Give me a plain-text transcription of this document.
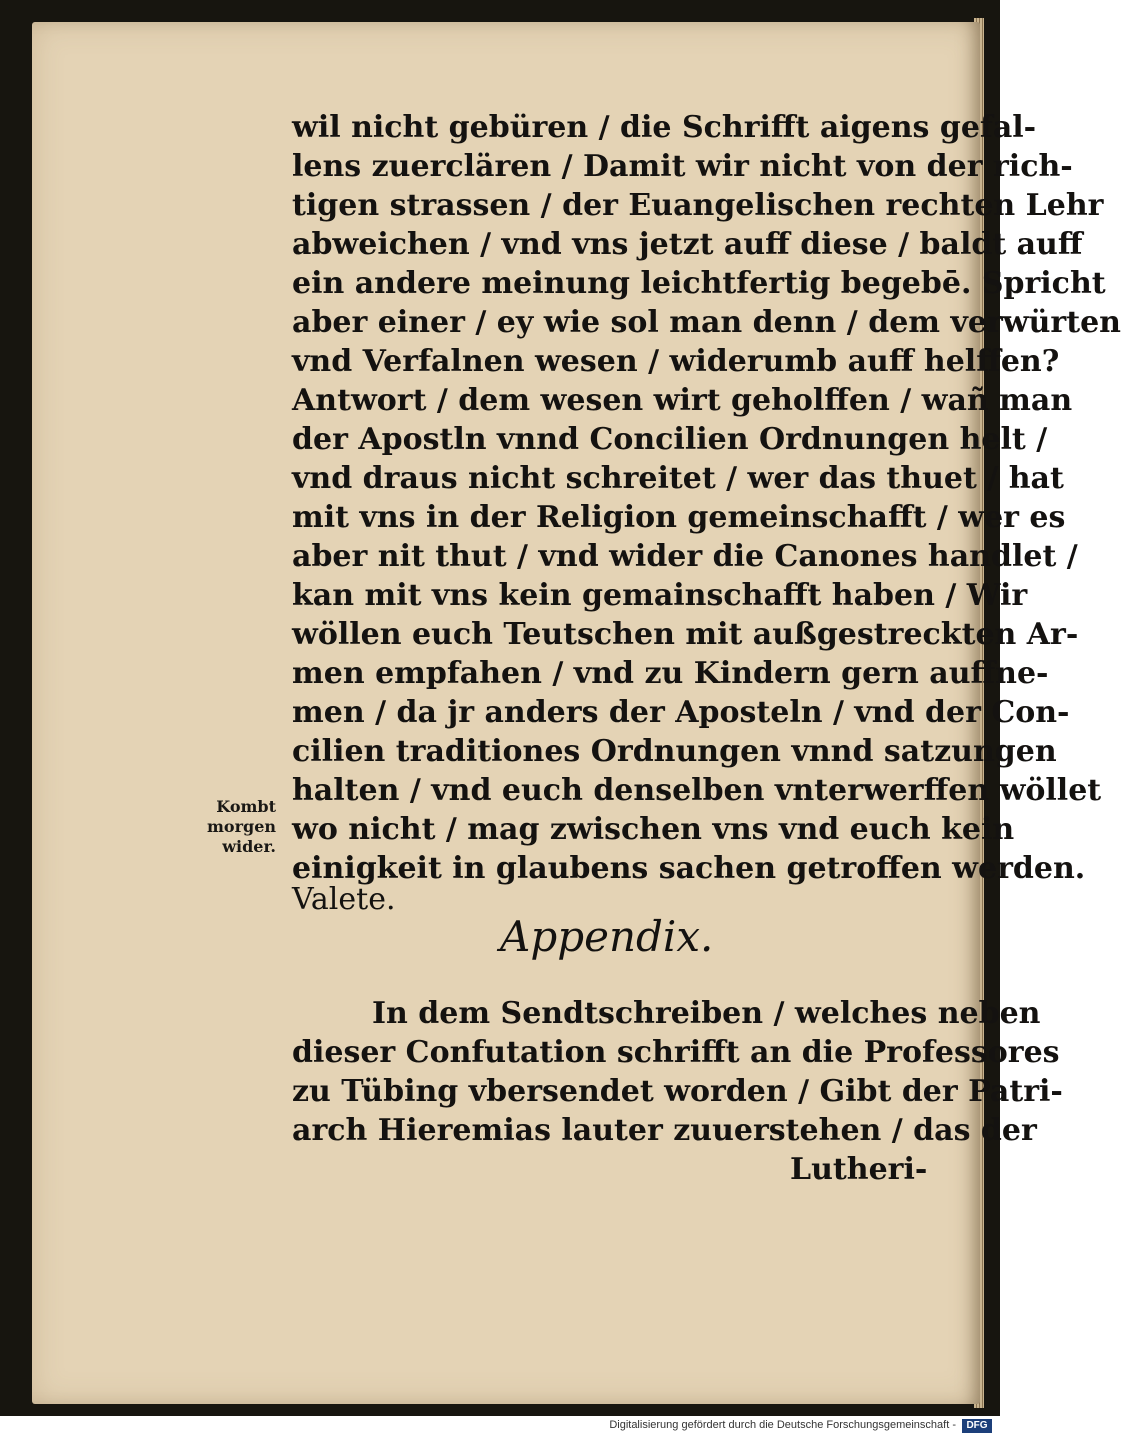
wil nicht gebüren / die Schrifft aigens gefal-
lens zuerclären / Damit wir nicht von der rich-
tigen strassen / der Euangelischen rechten Lehr
abweichen / vnd vns jetzt auff diese / baldt auff
ein andere meinung leichtfertig begebē. Spricht
aber einer / ey wie sol man denn / dem verwürten
vnd Verfalnen wesen / widerumb auff helffen?
Antwort / dem wesen wirt geholffen / wañ man
der Apostln vnnd Concilien Ordnungen helt /
vnd draus nicht schreitet / wer das thuet / hat
mit vns in der Religion gemeinschafft / wer es
aber nit thut / vnd wider die Canones handlet /
kan mit vns kein gemainschafft haben / Wir
wöllen euch Teutschen mit außgestreckten Ar-
men empfahen / vnd zu Kindern gern auffne-
men / da jr anders der Aposteln / vnd der Con-
cilien traditiones Ordnungen vnnd satzungen
halten / vnd euch denselben vnterwerffen wöllet
wo nicht / mag zwischen vns vnd euch kein
einigkeit in glaubens sachen getroffen werden.
Valete.
Kombt
morgen
wider.
Appendix.
In dem Sendtschreiben / welches neben
dieser Confutation schrifft an die Professores
zu Tübing vbersendet worden / Gibt der Patri-
arch Hieremias lauter zuuerstehen / das der
Lutheri-
Digitalisierung gefördert durch die Deutsche Forschungsgemeinschaft -	DFG
